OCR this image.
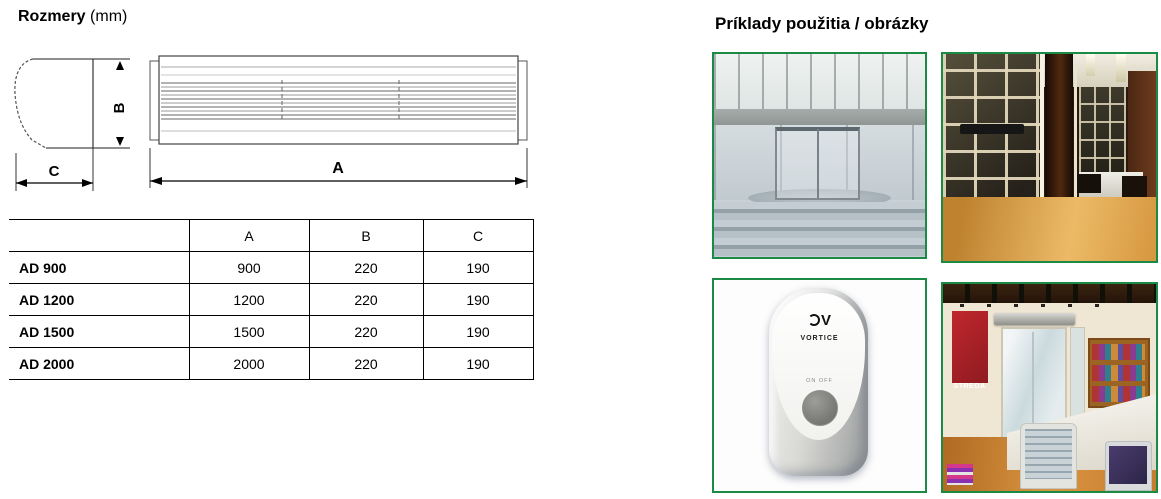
Rozmery (mm)
B
C	A
	A	B	C
AD 900	900	220	190
AD 1200	1200	220	190
AD 1500	1500	220	190
AD 2000	2000	220	190
Príklady použitia / obrázky
V
VORTICE
ON OFF
STREGA
